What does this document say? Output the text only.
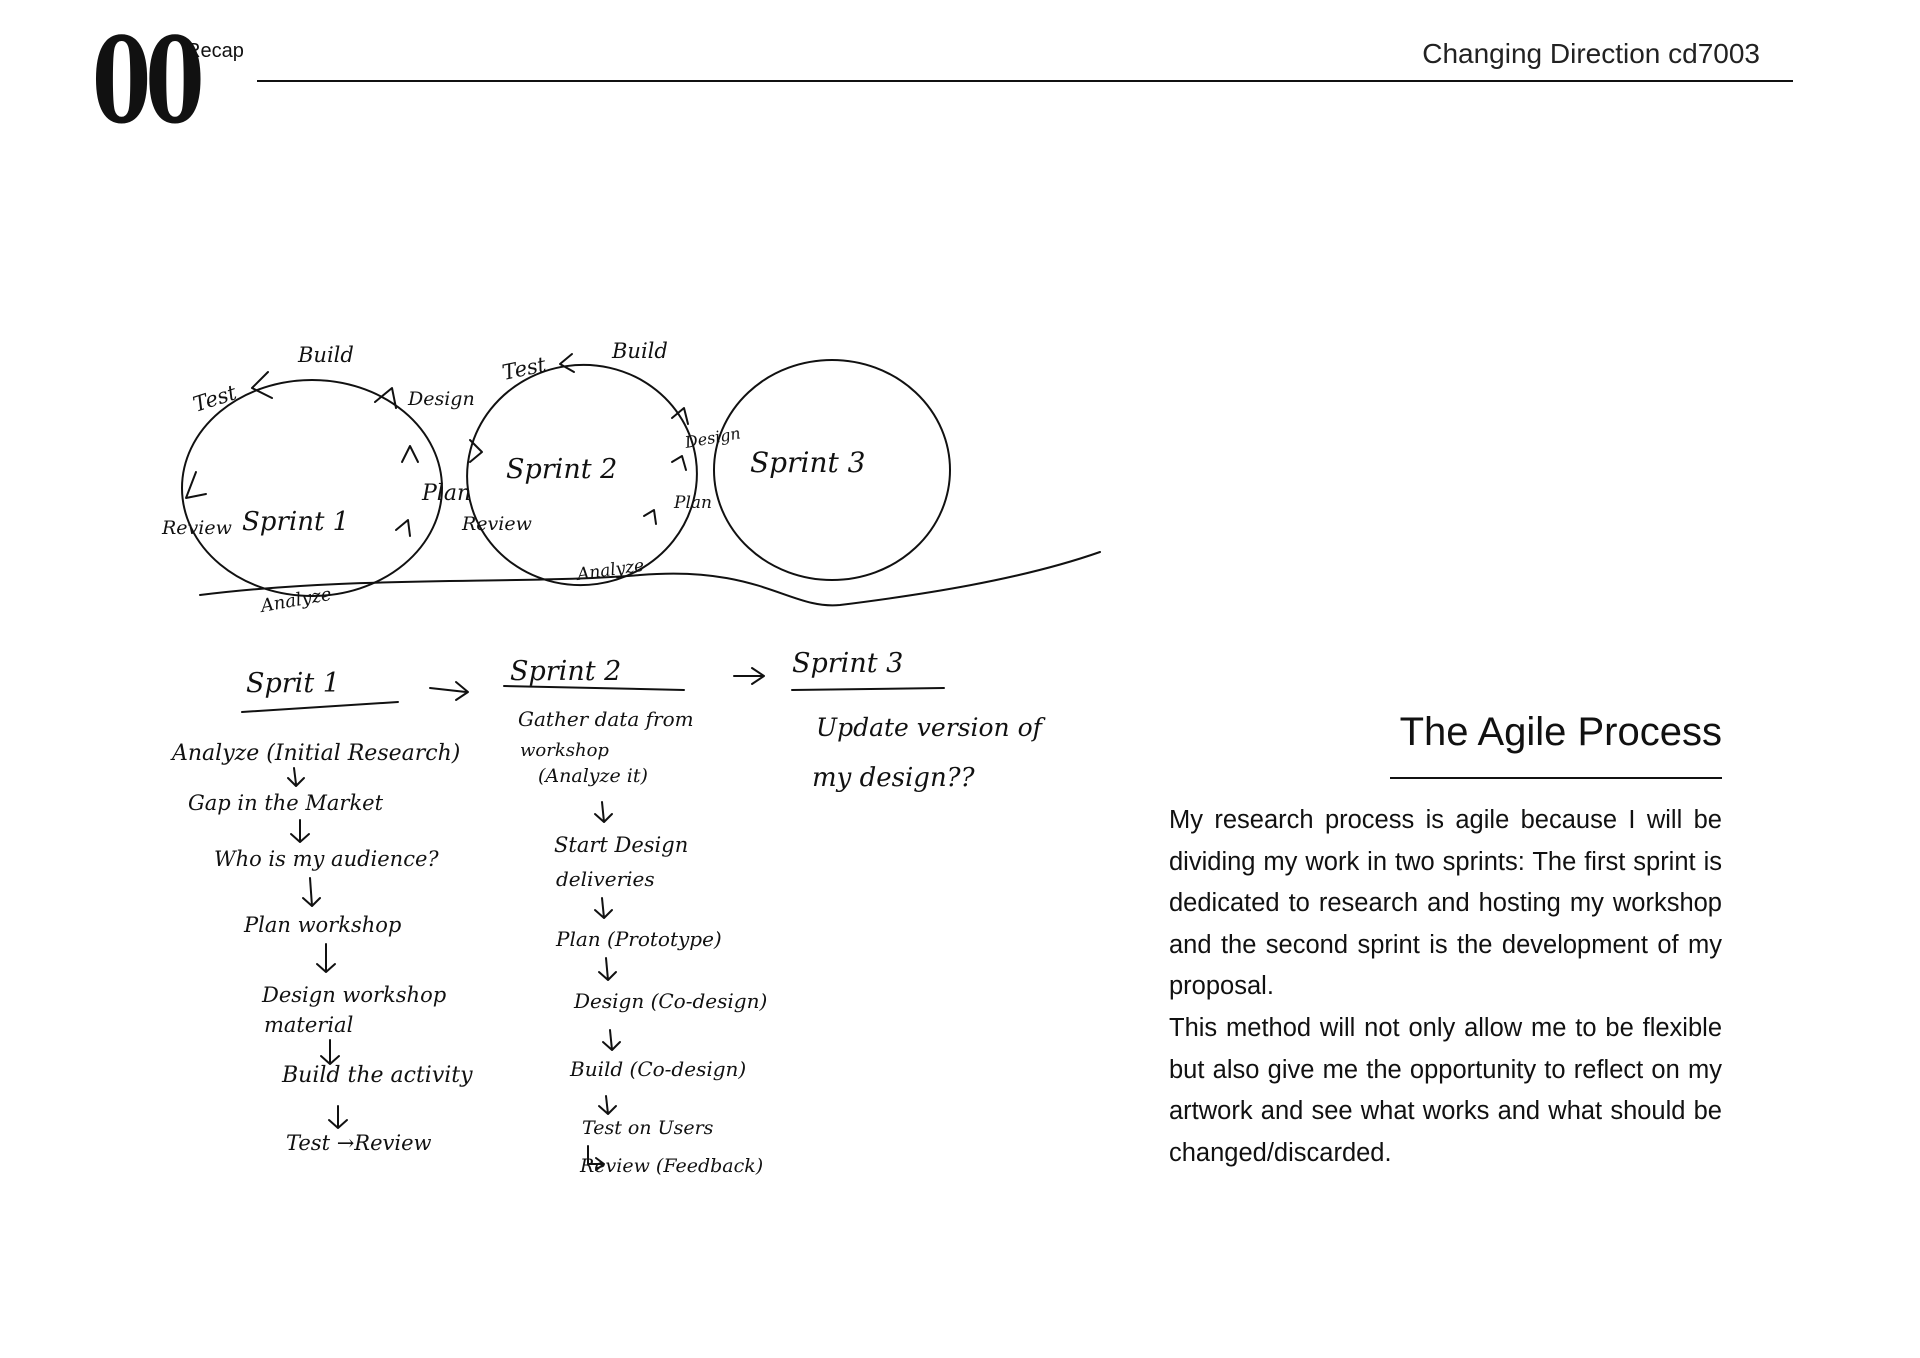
00
Recap	Changing Direction cd7003
Build
Test	Design
Plan
Review Sprint 1
Analyze
Build
Test
Design
Plan
Review
Sprint 2
Analyze
Sprint 3
Sprit 1	Sprint 2	Sprint 3
Analyze (Initial Research)
Gap in the Market
Who is my audience?
Plan workshop
Design workshop
material
Build the activity
Test →Review
Gather data from
workshop
(Analyze it)
Start Design
deliveries
Plan (Prototype)
Design (Co-design)
Build (Co-design)
Test on Users
Review (Feedback)
Update version of
my design??
The Agile Process

My research process is agile because I will be dividing my work in two sprints: The first sprint is dedicated to research and hosting my workshop and the second sprint is the development of my proposal.

This method will not only allow me to be flexible but also give me the opportunity to reflect on my artwork and see what works and what should be changed/discarded.
